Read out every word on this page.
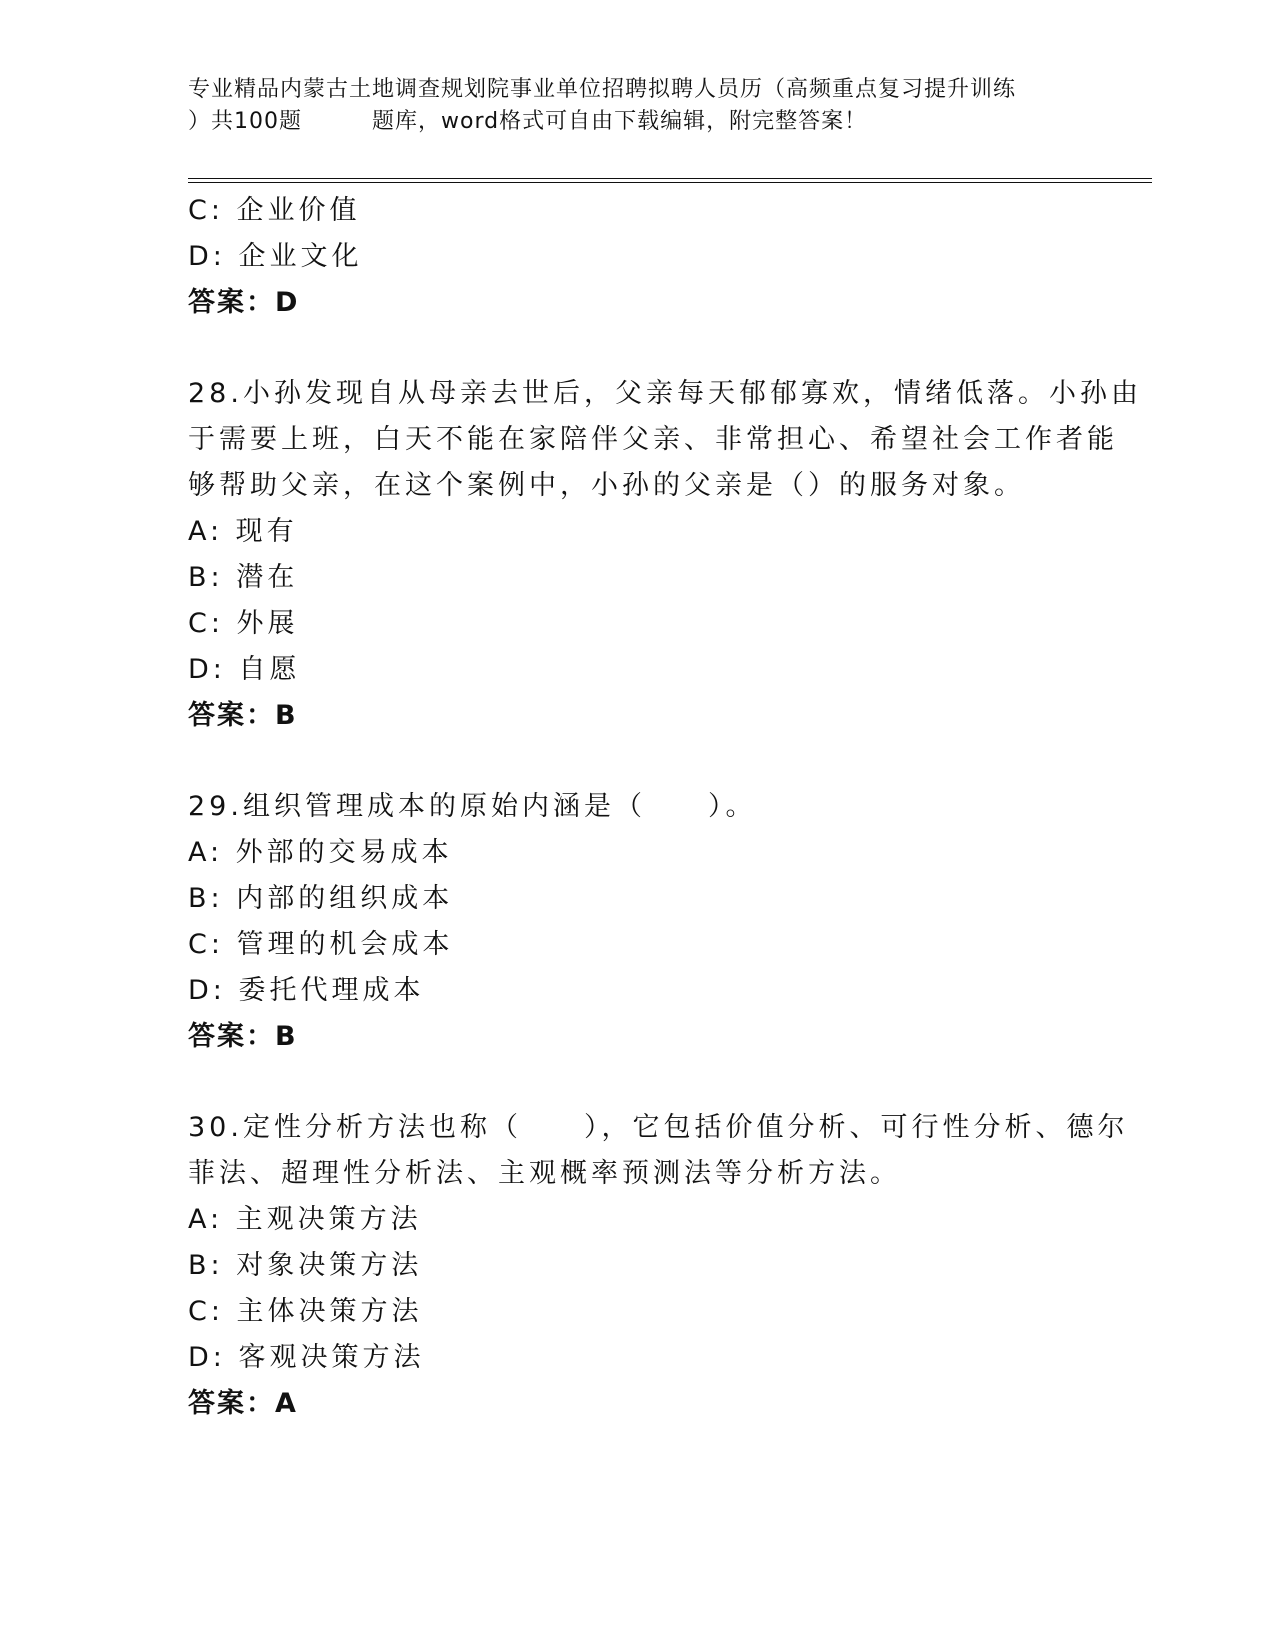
专业精品内蒙古土地调查规划院事业单位招聘拟聘人员历（高频重点复习提升训练
）共100题	题库，word格式可自由下载编辑，附完整答案！
C: 企业价值
D: 企业文化
答案：D
28.小孙发现自从母亲去世后，父亲每天郁郁寡欢，情绪低落。小孙由
于需要上班，白天不能在家陪伴父亲、非常担心、希望社会工作者能
够帮助父亲，在这个案例中，小孙的父亲是（）的服务对象。
A: 现有
B: 潜在
C: 外展
D: 自愿
答案：B
29.组织管理成本的原始内涵是（　　）。
A: 外部的交易成本
B: 内部的组织成本
C: 管理的机会成本
D: 委托代理成本
答案：B
30.定性分析方法也称（　　），它包括价值分析、可行性分析、德尔
菲法、超理性分析法、主观概率预测法等分析方法。
A: 主观决策方法
B: 对象决策方法
C: 主体决策方法
D: 客观决策方法
答案：A
